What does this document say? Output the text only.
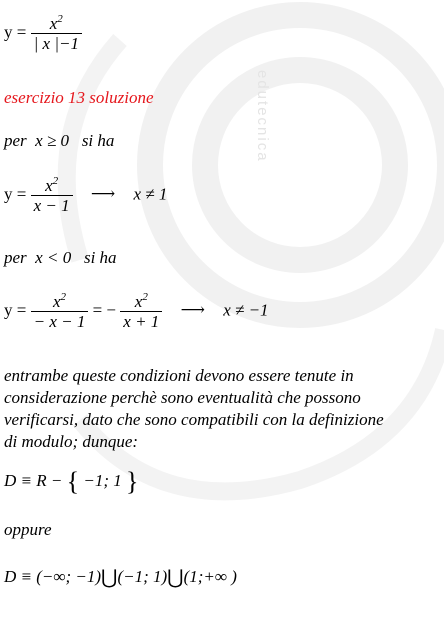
edutecnica
$y = \frac{x^2}{| x |-1}$
esercizio 13 soluzione
per x ≥ 0 si ha
$y = \frac{x^2}{x - 1}$ ⟶ x ≠ 1
per x < 0 si ha
$y = \frac{x^2}{- x - 1}$ = − $\frac{x^2}{x + 1}$ ⟶ x ≠ −1
entrambe queste condizioni devono essere tenute in
considerazione perchè sono eventualità che possono
verificarsi, dato che sono compatibili con la definizione
di modulo; dunque:
D ≡ R − { −1; 1 }
oppure
D ≡ (−∞; −1)⋃(−1; 1)⋃(1;+∞ )
